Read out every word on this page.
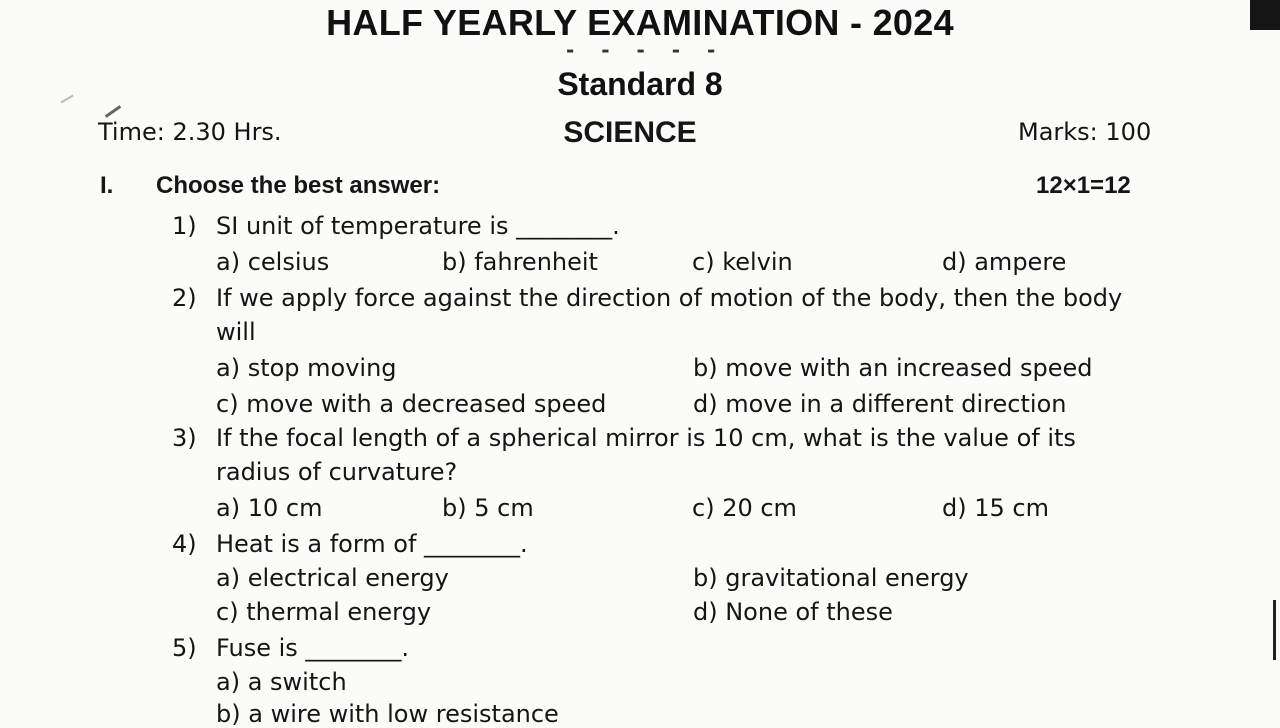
HALF YEARLY EXAMINATION - 2024
- - - - -
Standard 8
Time: 2.30 Hrs.	SCIENCE	Marks: 100
I. Choose the best answer:	12×1=12
1) SI unit of temperature is ________.
a) celsius	b) fahrenheit	c) kelvin	d) ampere
2) If we apply force against the direction of motion of the body, then the body
will
a) stop moving	b) move with an increased speed
c) move with a decreased speed	d) move in a different direction
3) If the focal length of a spherical mirror is 10 cm, what is the value of its
radius of curvature?
a) 10 cm	b) 5 cm	c) 20 cm	d) 15 cm
4) Heat is a form of ________.
a) electrical energy	b) gravitational energy
c) thermal energy	d) None of these
5) Fuse is ________.
a) a switch
b) a wire with low resistance
